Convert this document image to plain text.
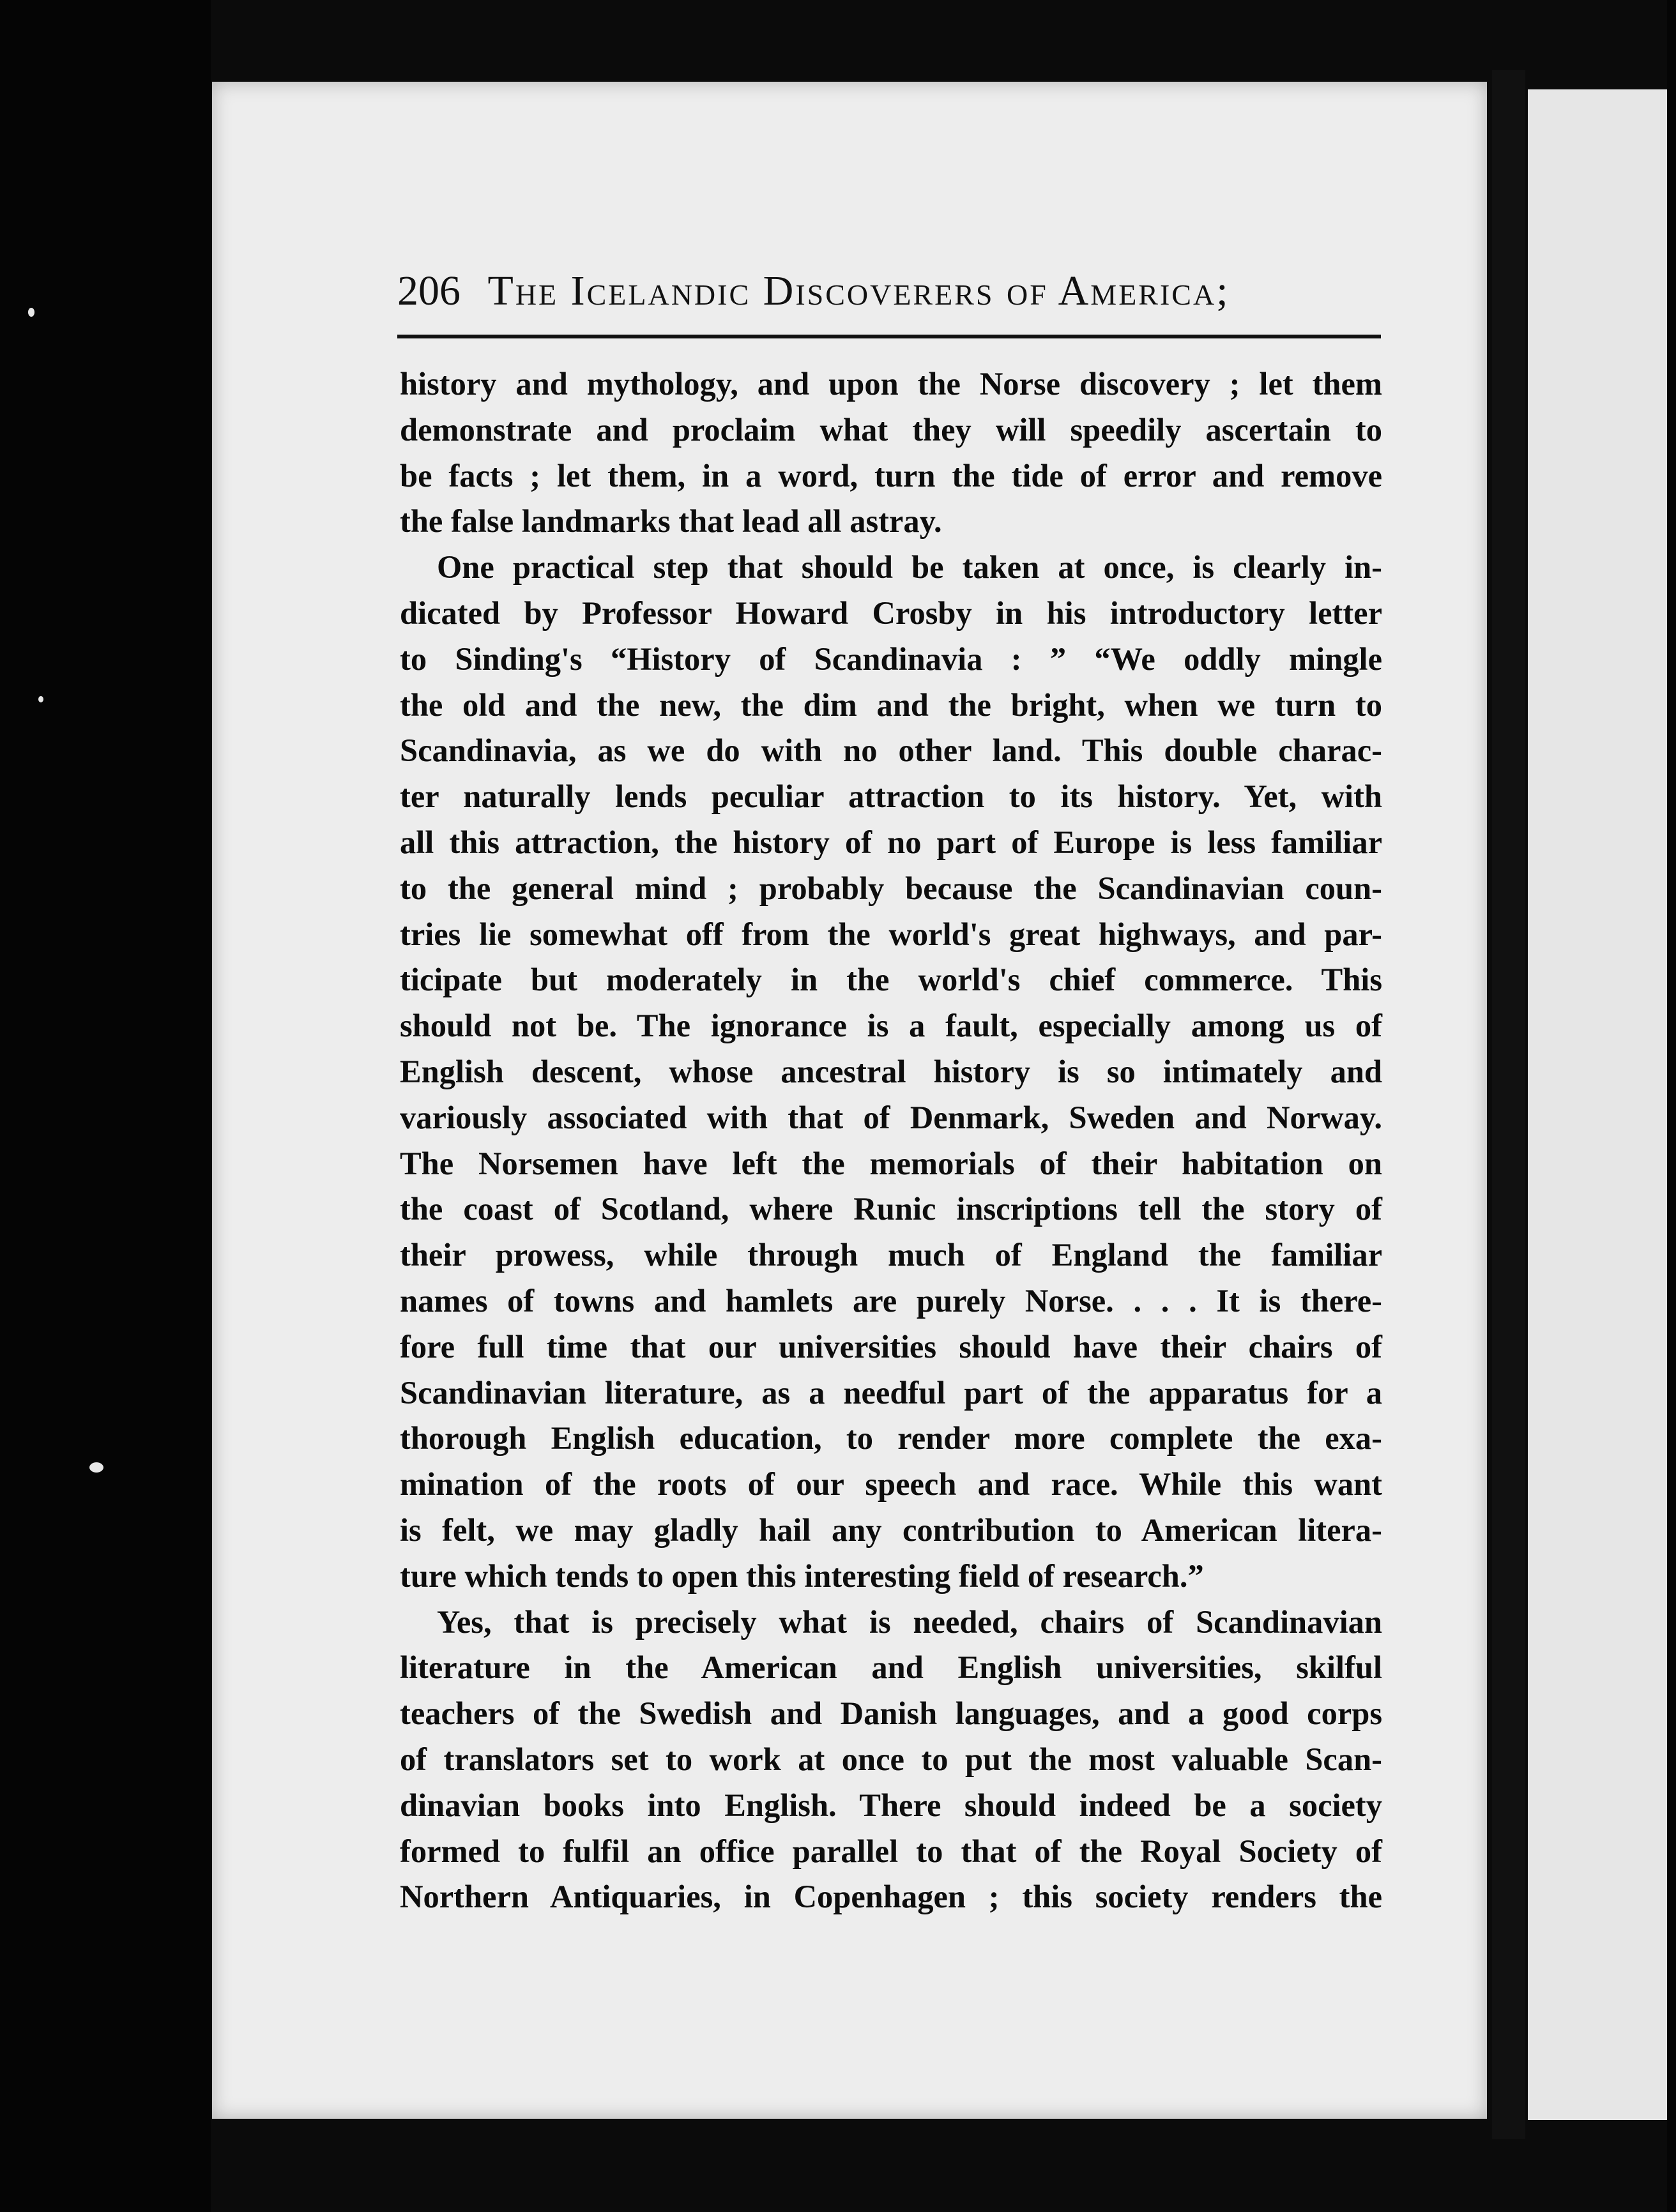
206 The Icelandic Discoverers of America;
history and mythology, and upon the Norse discovery ; let them
demonstrate and proclaim what they will speedily ascertain to
be facts ; let them, in a word, turn the tide of error and remove
the false landmarks that lead all astray.
One practical step that should be taken at once, is clearly in-
dicated by Professor Howard Crosby in his introductory letter
to Sinding's “History of Scandinavia : ” “We oddly mingle
the old and the new, the dim and the bright, when we turn to
Scandinavia, as we do with no other land. This double charac-
ter naturally lends peculiar attraction to its history. Yet, with
all this attraction, the history of no part of Europe is less familiar
to the general mind ; probably because the Scandinavian coun-
tries lie somewhat off from the world's great highways, and par-
ticipate but moderately in the world's chief commerce. This
should not be. The ignorance is a fault, especially among us of
English descent, whose ancestral history is so intimately and
variously associated with that of Denmark, Sweden and Norway.
The Norsemen have left the memorials of their habitation on
the coast of Scotland, where Runic inscriptions tell the story of
their prowess, while through much of England the familiar
names of towns and hamlets are purely Norse. . . . It is there-
fore full time that our universities should have their chairs of
Scandinavian literature, as a needful part of the apparatus for a
thorough English education, to render more complete the exa-
mination of the roots of our speech and race. While this want
is felt, we may gladly hail any contribution to American litera-
ture which tends to open this interesting field of research.”
Yes, that is precisely what is needed, chairs of Scandinavian
literature in the American and English universities, skilful
teachers of the Swedish and Danish languages, and a good corps
of translators set to work at once to put the most valuable Scan-
dinavian books into English. There should indeed be a society
formed to fulfil an office parallel to that of the Royal Society of
Northern Antiquaries, in Copenhagen ; this society renders the
